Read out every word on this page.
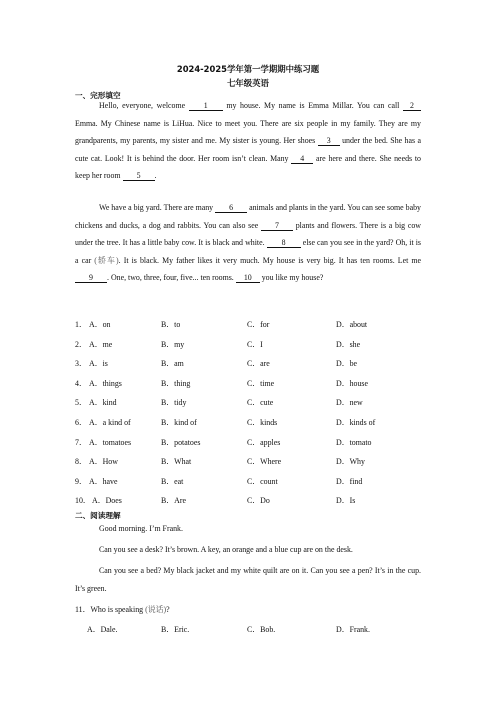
2024-2025学年第一学期期中练习题
七年级英语
一、完形填空
Hello, everyone, welcome 1 my house. My name is Emma Millar. You can call 2 Emma. My Chinese name is LiHua. Nice to meet you. There are six people in my family. They are my grandparents, my parents, my sister and me. My sister is young. Her shoes 3 under the bed. She has a cute cat. Look! It is behind the door. Her room isn’t clean. Many 4 are here and there. She needs to keep her room 5 .
We have a big yard. There are many 6 animals and plants in the yard. You can see some baby chickens and ducks, a dog and rabbits. You can also see 7 plants and flowers. There is a big cow under the tree. It has a little baby cow. It is black and white. 8 else can you see in the yard? Oh, it is a car (轿车). It is black. My father likes it very much. My house is very big. It has ten rooms. Let me 9 . One, two, three, four, five... ten rooms. 10 you like my house?
1． A．on	B．to	C．for	D．about
2． A．me	B．my	C．I	D．she
3． A．is	B．am	C．are	D．be
4． A．things	B．thing	C．time	D．house
5． A．kind	B．tidy	C．cute	D．new
6． A．a kind of	B．kind of	C．kinds	D．kinds of
7． A．tomatoes	B．potatoes	C．apples	D．tomato
8． A．How	B．What	C．Where	D．Why
9． A．have	B．eat	C．count	D．find
10． A．Does	B．Are	C．Do	D．Is
二、阅读理解
Good morning. I’m Frank.
Can you see a desk? It’s brown. A key, an orange and a blue cup are on the desk.
Can you see a bed? My black jacket and my white quilt are on it. Can you see a pen? It’s in the cup. It’s green.
11．Who is speaking (说话)?
A．Dale.	B．Eric.	C．Bob.	D．Frank.
